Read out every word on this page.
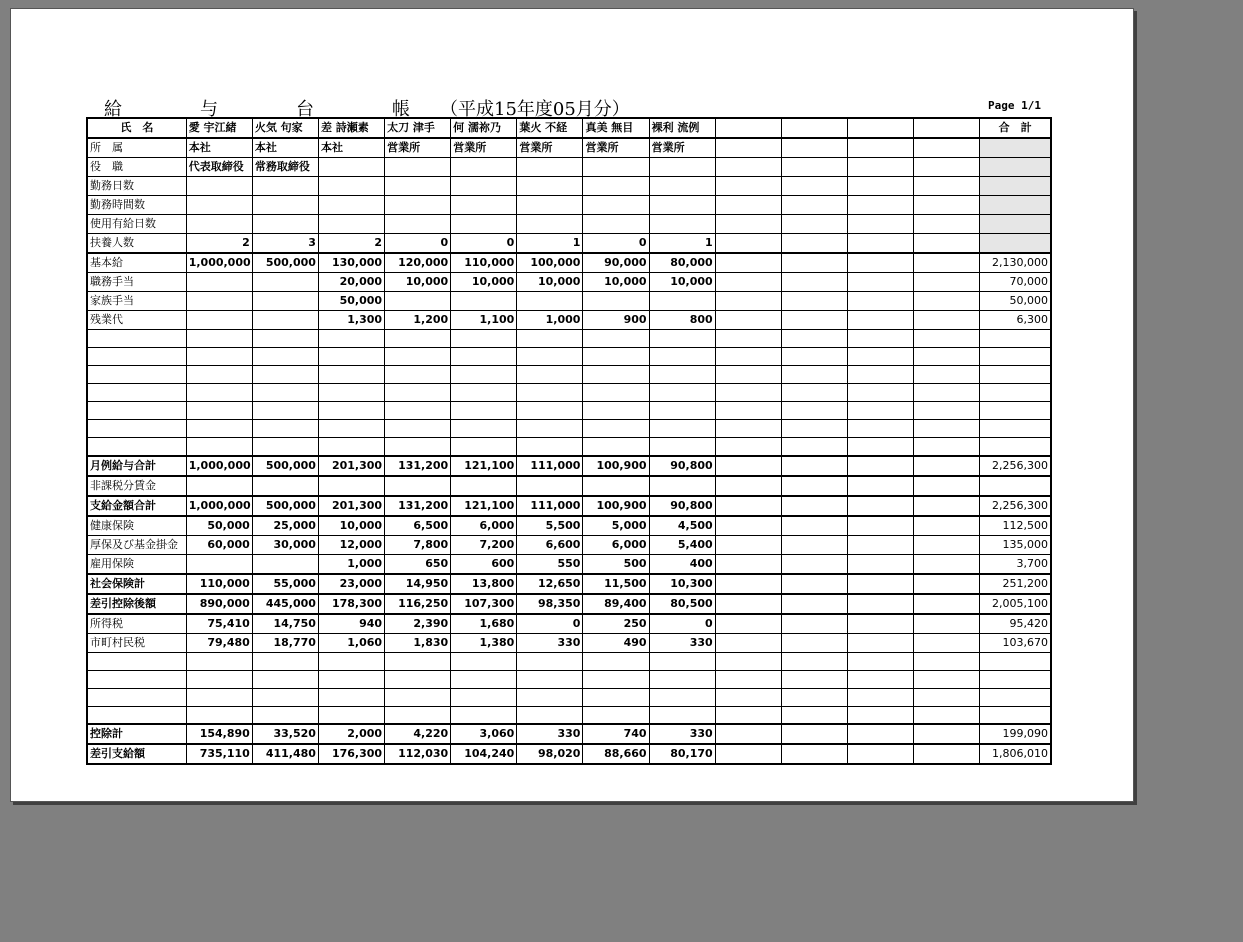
給　与　台　帳（平成15年度05月分）	Page 1/1
氏　名	愛 宇江緒	火気 句家	差 詩瀬素	太刀 津手	何 濡祢乃	葉火 不経	真美 無目	裸利 流例					合　計
所　属	本社	本社	本社	営業所	営業所	営業所	営業所	営業所					
役　職	代表取締役	常務取締役											
勤務日数													
勤務時間数													
使用有給日数													
扶養人数	2	3	2	0	0	1	0	1					
基本給	1,000,000	500,000	130,000	120,000	110,000	100,000	90,000	80,000					2,130,000
職務手当			20,000	10,000	10,000	10,000	10,000	10,000					70,000
家族手当			50,000										50,000
残業代			1,300	1,200	1,100	1,000	900	800					6,300

月例給与合計	1,000,000	500,000	201,300	131,200	121,100	111,000	100,900	90,800					2,256,300
非課税分賃金													
支給金額合計	1,000,000	500,000	201,300	131,200	121,100	111,000	100,900	90,800					2,256,300
健康保険	50,000	25,000	10,000	6,500	6,000	5,500	5,000	4,500					112,500
厚保及び基金掛金	60,000	30,000	12,000	7,800	7,200	6,600	6,000	5,400					135,000
雇用保険			1,000	650	600	550	500	400					3,700
社会保険計	110,000	55,000	23,000	14,950	13,800	12,650	11,500	10,300					251,200
差引控除後額	890,000	445,000	178,300	116,250	107,300	98,350	89,400	80,500					2,005,100
所得税	75,410	14,750	940	2,390	1,680	0	250	0					95,420
市町村民税	79,480	18,770	1,060	1,830	1,380	330	490	330					103,670

控除計	154,890	33,520	2,000	4,220	3,060	330	740	330					199,090
差引支給額	735,110	411,480	176,300	112,030	104,240	98,020	88,660	80,170					1,806,010
